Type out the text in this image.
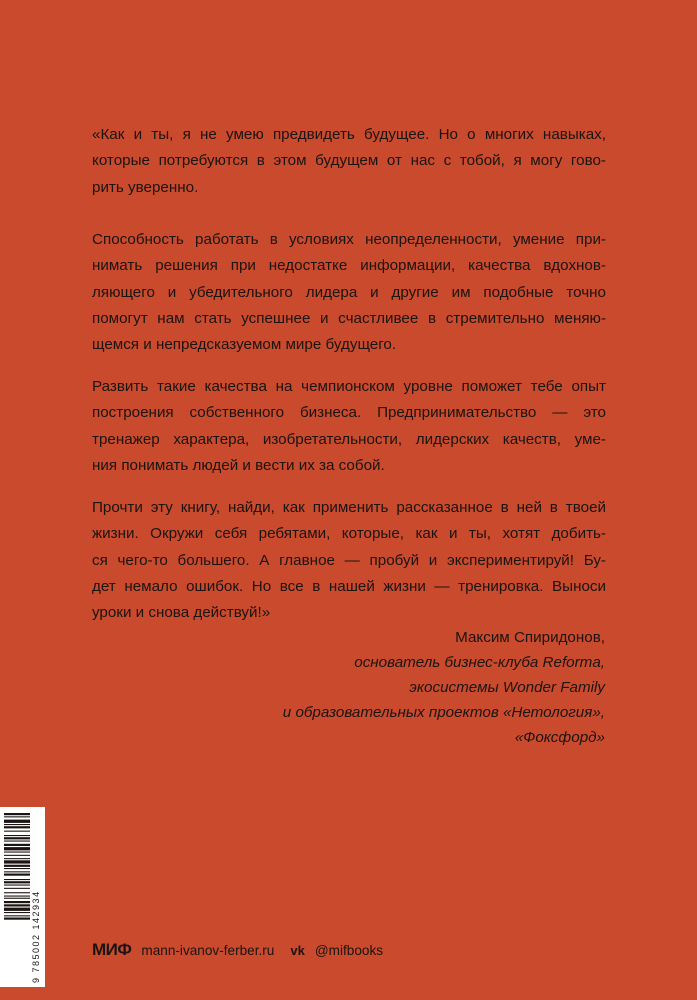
«Как и ты, я не умею предвидеть будущее. Но о многих навыках,
которые потребуются в этом будущем от нас с тобой, я могу гово-
рить уверенно.
Способность работать в условиях неопределенности, умение при-
нимать решения при недостатке информации, качества вдохнов-
ляющего и убедительного лидера и другие им подобные точно
помогут нам стать успешнее и счастливее в стремительно меняю-
щемся и непредсказуемом мире будущего.
Развить такие качества на чемпионском уровне поможет тебе опыт
построения собственного бизнеса. Предпринимательство — это
тренажер характера, изобретательности, лидерских качеств, уме-
ния понимать людей и вести их за собой.
Прочти эту книгу, найди, как применить рассказанное в ней в твоей
жизни. Окружи себя ребятами, которые, как и ты, хотят добить-
ся чего-то большего. А главное — пробуй и экспериментируй! Бу-
дет немало ошибок. Но все в нашей жизни — тренировка. Выноси
уроки и снова действуй!»
Максим Спиридонов,
основатель бизнес-клуба Reforma,
экосистемы Wonder Family
и образовательных проектов «Нетология»,
«Фоксфорд»
9 785002 142934	МИФ mann-ivanov-ferber.ru vk @mifbooks
